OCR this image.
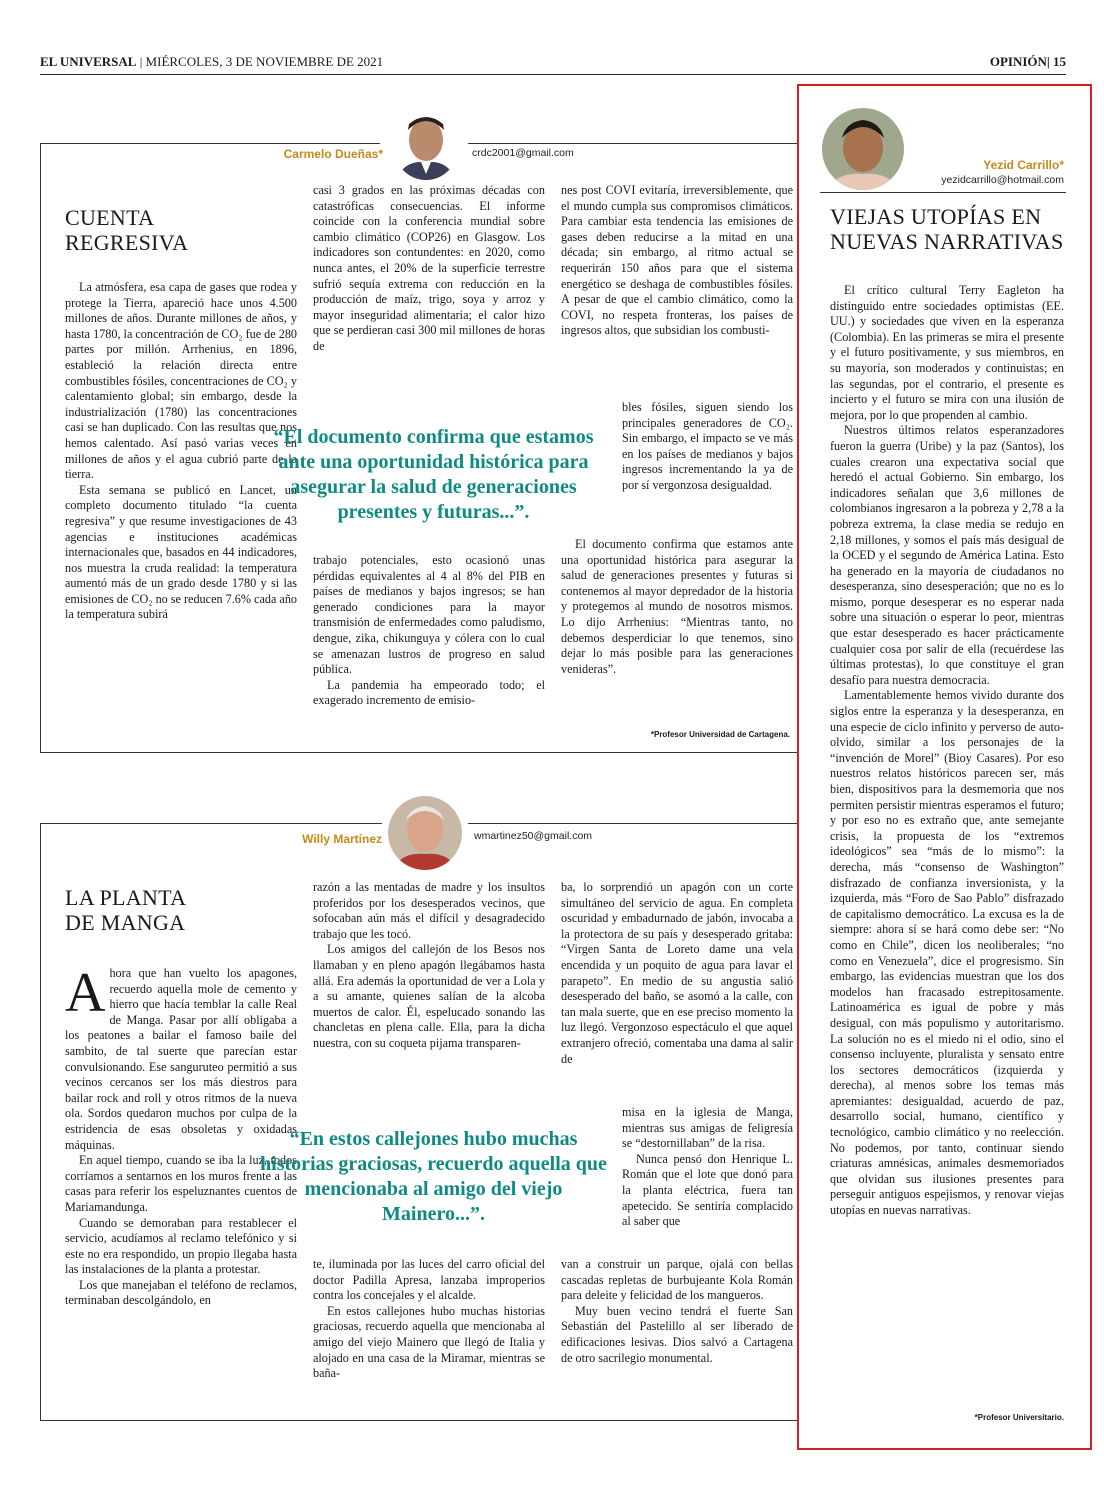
EL UNIVERSAL | MIÉRCOLES, 3 DE NOVIEMBRE DE 2021	OPINIÓN| 15
Carmelo Dueñas*	crdc2001@gmail.com
CUENTA
REGRESIVA

La atmósfera, esa capa de gases que rodea y protege la Tierra, apareció hace unos 4.500 millones de años. Durante millones de años, y hasta 1780, la concentración de CO₂ fue de 280 partes por millón. Arrhenius, en 1896, estableció la relación directa entre combustibles fósiles, concentraciones de CO₂ y calentamiento global; sin embargo, desde la industrialización (1780) las concentraciones casi se han duplicado. Con las resultas que nos hemos calentado. Así pasó varias veces en millones de años y el agua cubrió parte de la tierra.

Esta semana se publicó en Lancet, un completo documento titulado “la cuenta regresiva” y que resume investigaciones de 43 agencias e instituciones académicas internacionales que, basados en 44 indicadores, nos muestra la cruda realidad: la temperatura aumentó más de un grado desde 1780 y si las emisiones de CO₂ no se reducen 7.6% cada año la temperatura subirá

casi 3 grados en las próximas décadas con catastróficas consecuencias. El informe coincide con la conferencia mundial sobre cambio climático (COP26) en Glasgow. Los indicadores son contundentes: en 2020, como nunca antes, el 20% de la superficie terrestre sufrió sequía extrema con reducción en la producción de maíz, trigo, soya y arroz y mayor inseguridad alimentaria; el calor hizo que se perdieran casi 300 mil millones de horas de

trabajo potenciales, esto ocasionó unas pérdidas equivalentes al 4 al 8% del PIB en países de medianos y bajos ingresos; se han generado condiciones para la mayor transmisión de enfermedades como paludismo, dengue, zika, chikunguya y cólera con lo cual se amenazan lustros de progreso en salud pública.

La pandemia ha empeorado todo; el exagerado incremento de emisio-

nes post COVI evitaría, irreversiblemente, que el mundo cumpla sus compromisos climáticos. Para cambiar esta tendencia las emisiones de gases deben reducirse a la mitad en una década; sin embargo, al ritmo actual se requerirán 150 años para que el sistema energético se deshaga de combustibles fósiles. A pesar de que el cambio climático, como la COVI, no respeta fronteras, los países de ingresos altos, que subsidian los combusti-

bles fósiles, siguen siendo los principales generadores de CO₂. Sin embargo, el impacto se ve más en los países de medianos y bajos ingresos incrementando la ya de por sí vergonzosa desigualdad.

El documento confirma que estamos ante una oportunidad histórica para asegurar la salud de generaciones presentes y futuras si contenemos al mayor depredador de la historia y protegemos al mundo de nosotros mismos. Lo dijo Arrhenius: “Mientras tanto, no debemos desperdiciar lo que tenemos, sino dejar lo más posible para las generaciones venideras”.

“El documento confirma que estamos ante una oportunidad histórica para asegurar la salud de generaciones presentes y futuras...”.
*Profesor Universidad de Cartagena.
Willy Martínez	wmartinez50@gmail.com
LA PLANTA
DE MANGA

Ahora que han vuelto los apagones, recuerdo aquella mole de cemento y hierro que hacía temblar la calle Real de Manga. Pasar por allí obligaba a los peatones a bailar el famoso baile del sambito, de tal suerte que parecían estar convulsionando. Ese sanguruteo permitió a sus vecinos cercanos ser los más diestros para bailar rock and roll y otros ritmos de la nueva ola. Sordos quedaron muchos por culpa de la estridencia de esas obsoletas y oxidadas máquinas.

En aquel tiempo, cuando se iba la luz, todos corríamos a sentarnos en los muros frente a las casas para referir los espeluznantes cuentos de Mariamandunga.

Cuando se demoraban para restablecer el servicio, acudíamos al reclamo telefónico y si este no era respondido, un propio llegaba hasta las instalaciones de la planta a protestar.

Los que manejaban el teléfono de reclamos, terminaban descolgándolo, en

razón a las mentadas de madre y los insultos proferidos por los desesperados vecinos, que sofocaban aún más el difícil y desagradecido trabajo que les tocó.

Los amigos del callejón de los Besos nos llamaban y en pleno apagón llegábamos hasta allá. Era además la oportunidad de ver a Lola y a su amante, quienes salían de la alcoba muertos de calor. Él, espelucado sonando las chancletas en plena calle. Ella, para la dicha nuestra, con su coqueta pijama transparen-

te, iluminada por las luces del carro oficial del doctor Padilla Apresa, lanzaba improperios contra los concejales y el alcalde.

En estos callejones hubo muchas historias graciosas, recuerdo aquella que mencionaba al amigo del viejo Mainero que llegó de Italia y alojado en una casa de la Miramar, mientras se baña-

ba, lo sorprendió un apagón con un corte simultáneo del servicio de agua. En completa oscuridad y embadurnado de jabón, invocaba a la protectora de su país y desesperado gritaba: “Virgen Santa de Loreto dame una vela encendida y un poquito de agua para lavar el parapeto”. En medio de su angustia salió desesperado del baño, se asomó a la calle, con tan mala suerte, que en ese preciso momento la luz llegó. Vergonzoso espectáculo el que aquel extranjero ofreció, comentaba una dama al salir de

misa en la iglesia de Manga, mientras sus amigas de feligresía se “destornillaban” de la risa.

Nunca pensó don Henrique L. Román que el lote que donó para la planta eléctrica, fuera tan apetecido. Se sentiría complacido al saber que

van a construir un parque, ojalá con bellas cascadas repletas de burbujeante Kola Román para deleite y felicidad de los mangueros.

Muy buen vecino tendrá el fuerte San Sebastián del Pastelillo al ser liberado de edificaciones lesivas. Dios salvó a Cartagena de otro sacrilegio monumental.

“En estos callejones hubo muchas historias graciosas, recuerdo aquella que mencionaba al amigo del viejo Mainero...”.
Yezid Carrillo*
yezidcarrillo@hotmail.com
VIEJAS UTOPÍAS EN
NUEVAS NARRATIVAS

El crítico cultural Terry Eagleton ha distinguido entre sociedades optimistas (EE. UU.) y sociedades que viven en la esperanza (Colombia). En las primeras se mira el presente y el futuro positivamente, y sus miembros, en su mayoría, son moderados y continuistas; en las segundas, por el contrario, el presente es incierto y el futuro se mira con una ilusión de mejora, por lo que propenden al cambio.

Nuestros últimos relatos esperanzadores fueron la guerra (Uribe) y la paz (Santos), los cuales crearon una expectativa social que heredó el actual Gobierno. Sin embargo, los indicadores señalan que 3,6 millones de colombianos ingresaron a la pobreza y 2,78 a la pobreza extrema, la clase media se redujo en 2,18 millones, y somos el país más desigual de la OCED y el segundo de América Latina. Esto ha generado en la mayoría de ciudadanos no desesperanza, sino desesperación; que no es lo mismo, porque desesperar es no esperar nada sobre una situación o esperar lo peor, mientras que estar desesperado es hacer prácticamente cualquier cosa por salir de ella (recuérdese las últimas protestas), lo que constituye el gran desafío para nuestra democracia.

Lamentablemente hemos vivido durante dos siglos entre la esperanza y la desesperanza, en una especie de ciclo infinito y perverso de auto-olvido, similar a los personajes de la “invención de Morel” (Bioy Casares). Por eso nuestros relatos históricos parecen ser, más bien, dispositivos para la desmemoria que nos permiten persistir mientras esperamos el futuro; y por eso no es extraño que, ante semejante crisis, la propuesta de los “extremos ideológicos” sea “más de lo mismo”: la derecha, más “consenso de Washington” disfrazado de confianza inversionista, y la izquierda, más “Foro de Sao Pablo” disfrazado de capitalismo democrático. La excusa es la de siempre: ahora sí se hará como debe ser: “No como en Chile”, dicen los neoliberales; “no como en Venezuela”, dice el progresismo. Sin embargo, las evidencias muestran que los dos modelos han fracasado estrepitosamente. Latinoamérica es igual de pobre y más desigual, con más populismo y autoritarismo. La solución no es el miedo ni el odio, sino el consenso incluyente, pluralista y sensato entre los sectores democráticos (izquierda y derecha), al menos sobre los temas más apremiantes: desigualdad, acuerdo de paz, desarrollo social, humano, científico y tecnológico, cambio climático y no reelección. No podemos, por tanto, continuar siendo criaturas amnésicas, animales desmemoriados que olvidan sus ilusiones presentes para perseguir antiguos espejismos, y renovar viejas utopías en nuevas narrativas.

*Profesor Universitario.
